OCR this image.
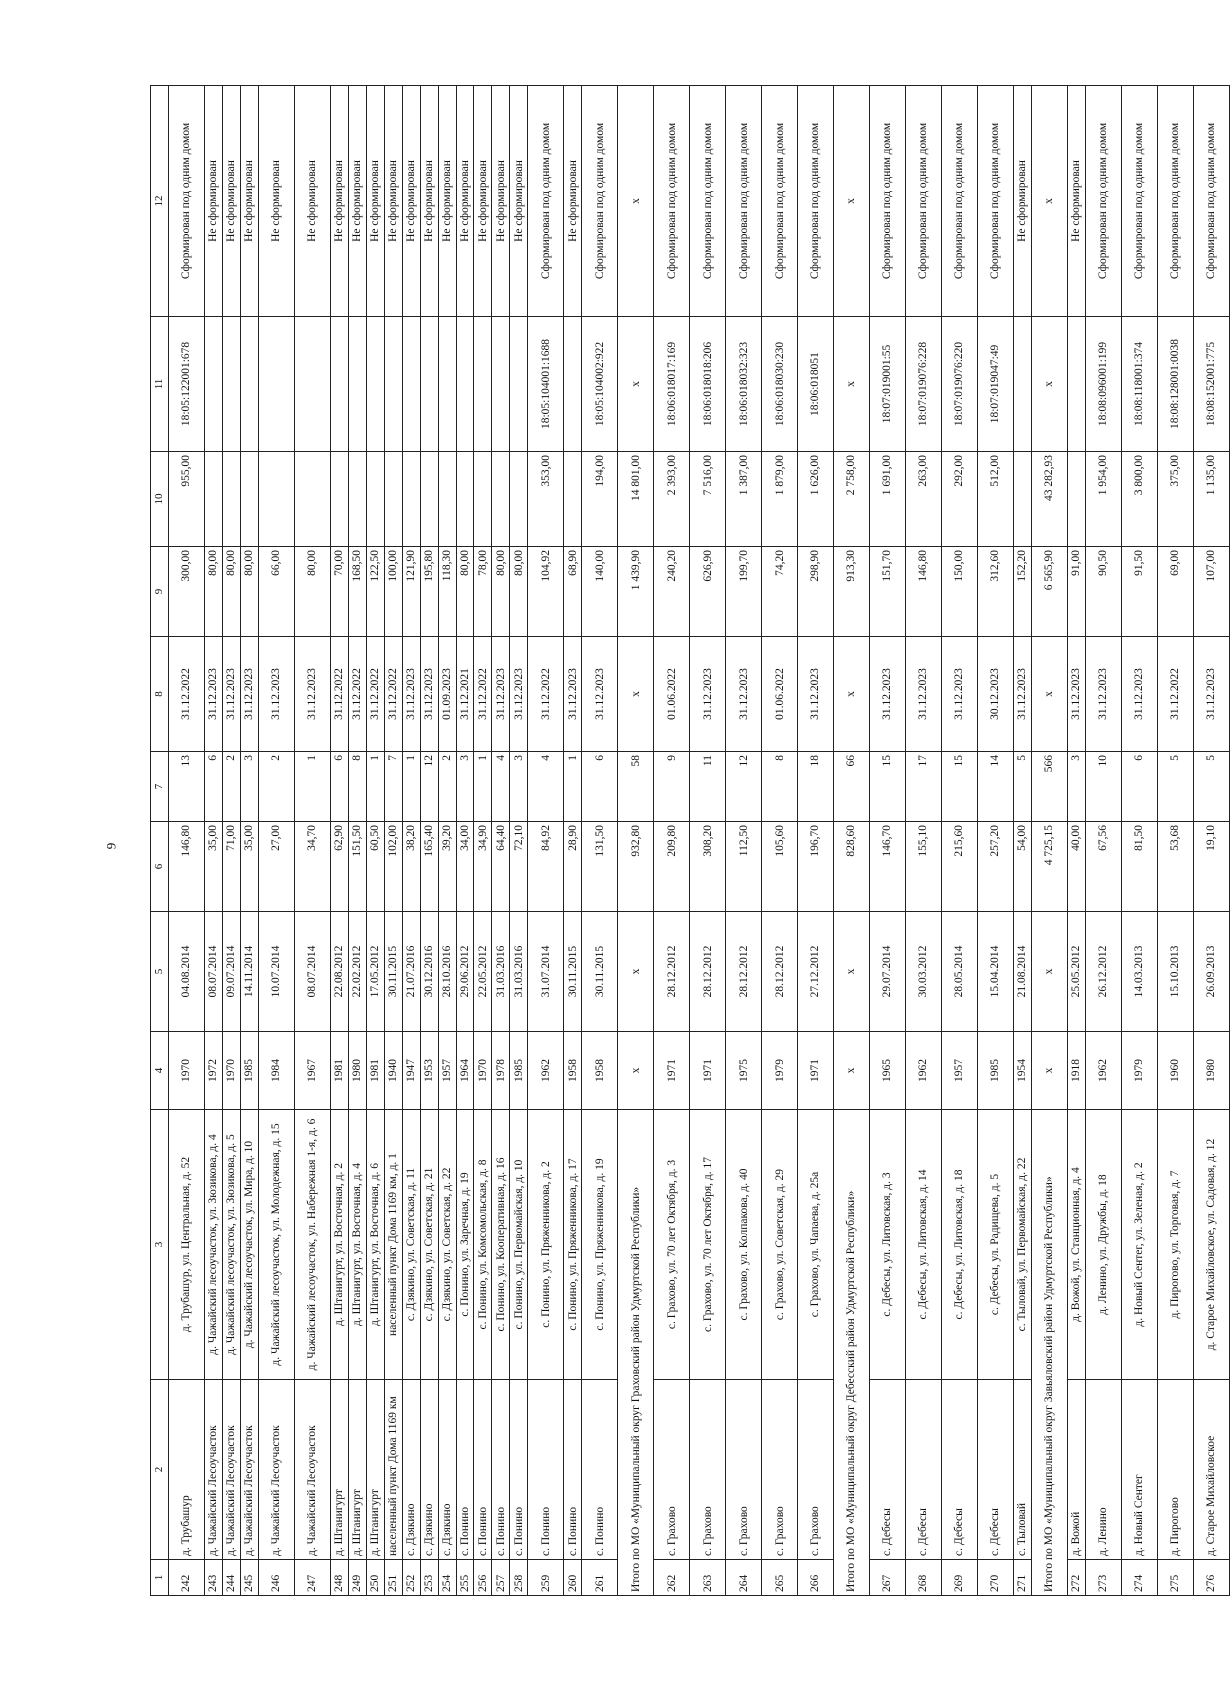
9
1	2	3	4	5	6	7	8	9	10	11	12
242	д. Трубашур	д. Трубашур, ул. Центральная, д. 52	1970	04.08.2014	146,80	13	31.12.2022	300,00	955,00	18:05:122001:678	Сформирован под одним домом
243	д. Чажайский Лесоучасток	д. Чажайский лесоучасток, ул. Зюзикова, д. 4	1972	08.07.2014	35,00	6	31.12.2023	80,00			Не сформирован
244	д. Чажайский Лесоучасток	д. Чажайский лесоучасток, ул. Зюзикова, д. 5	1970	09.07.2014	71,00	2	31.12.2023	80,00			Не сформирован
245	д. Чажайский Лесоучасток	д. Чажайский лесоучасток, ул. Мира, д. 10	1985	14.11.2014	35,00	3	31.12.2023	80,00			Не сформирован
246	д. Чажайский Лесоучасток	д. Чажайский лесоучасток, ул. Молодежная, д. 15	1984	10.07.2014	27,00	2	31.12.2023	66,00			Не сформирован
247	д. Чажайский Лесоучасток	д. Чажайский лесоучасток, ул. Набережная 1-я, д. 6	1967	08.07.2014	34,70	1	31.12.2023	80,00			Не сформирован
248	д. Штанигурт	д. Штанигурт, ул. Восточная, д. 2	1981	22.08.2012	62,90	6	31.12.2022	70,00			Не сформирован
249	д. Штанигурт	д. Штанигурт, ул. Восточная, д. 4	1980	22.02.2012	151,50	8	31.12.2022	168,50			Не сформирован
250	д. Штанигурт	д. Штанигурт, ул. Восточная, д. 6	1981	17.05.2012	60,50	1	31.12.2022	122,50			Не сформирован
251	населенный пункт Дома 1169 км	населенный пункт Дома 1169 км, д. 1	1940	30.11.2015	102,00	7	31.12.2022	100,00			Не сформирован
252	с. Дзякино	с. Дзякино, ул. Советская, д. 11	1947	21.07.2016	38,20	1	31.12.2023	121,90			Не сформирован
253	с. Дзякино	с. Дзякино, ул. Советская, д. 21	1953	30.12.2016	165,40	12	31.12.2023	195,80			Не сформирован
254	с. Дзякино	с. Дзякино, ул. Советская, д. 22	1957	28.10.2016	39,20	2	01.09.2023	118,30			Не сформирован
255	с. Понино	с. Понино, ул. Заречная, д. 19	1964	29.06.2012	34,00	3	31.12.2021	80,00			Не сформирован
256	с. Понино	с. Понино, ул. Комсомольская, д. 8	1970	22.05.2012	34,90	1	31.12.2022	78,00			Не сформирован
257	с. Понино	с. Понино, ул. Кооперативная, д. 16	1978	31.03.2016	64,40	4	31.12.2023	80,00			Не сформирован
258	с. Понино	с. Понино, ул. Первомайская, д. 10	1985	31.03.2016	72,10	3	31.12.2023	80,00			Не сформирован
259	с. Понино	с. Понино, ул. Пряженникова, д. 2	1962	31.07.2014	84,92	4	31.12.2022	104,92	353,00	18:05:104001:1688	Сформирован под одним домом
260	с. Понино	с. Понино, ул. Пряженникова, д. 17	1958	30.11.2015	28,90	1	31.12.2023	68,90			Не сформирован
261	с. Понино	с. Понино, ул. Пряженникова, д. 19	1958	30.11.2015	131,50	6	31.12.2023	140,00	194,00	18:05:104002:922	Сформирован под одним домом
Итого по МО «Муниципальный округ Граховский район Удмуртской Республики»			x	x	932,80	58	x	1 439,90	14 801,00	x	x
262	с. Грахово	с. Грахово, ул. 70 лет Октября, д. 3	1971	28.12.2012	209,80	9	01.06.2022	240,20	2 393,00	18:06:018017:169	Сформирован под одним домом
263	с. Грахово	с. Грахово, ул. 70 лет Октября, д. 17	1971	28.12.2012	308,20	11	31.12.2023	626,90	7 516,00	18:06:018018:206	Сформирован под одним домом
264	с. Грахово	с. Грахово, ул. Колпакова, д. 40	1975	28.12.2012	112,50	12	31.12.2023	199,70	1 387,00	18:06:018032:323	Сформирован под одним домом
265	с. Грахово	с. Грахово, ул. Советская, д. 29	1979	28.12.2012	105,60	8	01.06.2022	74,20	1 879,00	18:06:018030:230	Сформирован под одним домом
266	с. Грахово	с. Грахово, ул. Чапаева, д. 25а	1971	27.12.2012	196,70	18	31.12.2023	298,90	1 626,00	18:06:018051	Сформирован под одним домом
Итого по МО «Муниципальный округ Дебесский район Удмуртской Республики»			x	x	828,60	66	x	913,30	2 758,00	x	x
267	с. Дебесы	с. Дебесы, ул. Литовская, д. 3	1965	29.07.2014	146,70	15	31.12.2023	151,70	1 691,00	18:07:019001:55	Сформирован под одним домом
268	с. Дебесы	с. Дебесы, ул. Литовская, д. 14	1962	30.03.2012	155,10	17	31.12.2023	146,80	263,00	18:07:019076:228	Сформирован под одним домом
269	с. Дебесы	с. Дебесы, ул. Литовская, д. 18	1957	28.05.2014	215,60	15	31.12.2023	150,00	292,00	18:07:019076:220	Сформирован под одним домом
270	с. Дебесы	с. Дебесы, ул. Радищева, д. 5	1985	15.04.2014	257,20	14	30.12.2023	312,60	512,00	18:07:019047:49	Сформирован под одним домом
271	с. Тыловай	с. Тыловай, ул. Первомайская, д. 22	1954	21.08.2014	54,00	5	31.12.2023	152,20			Не сформирован
Итого по МО «Муниципальный округ Завьяловский район Удмуртской Республики»			x	x	4 725,15	566	x	6 565,90	43 282,93	x	x
272	д. Вожой	д. Вожой, ул. Станционная, д. 4	1918	25.05.2012	40,00	3	31.12.2023	91,00			Не сформирован
273	д. Ленино	д. Ленино, ул. Дружбы, д. 18	1962	26.12.2012	67,56	10	31.12.2023	90,50	1 954,00	18:08:096001:199	Сформирован под одним домом
274	д. Новый Сентег	д. Новый Сентег, ул. Зеленая, д. 2	1979	14.03.2013	81,50	6	31.12.2023	91,50	3 800,00	18:08:118001:374	Сформирован под одним домом
275	д. Пирогово	д. Пирогово, ул. Торговая, д. 7	1960	15.10.2013	53,68	5	31.12.2022	69,00	375,00	18:08:128001:0038	Сформирован под одним домом
276	д. Старое Михайловское	д. Старое Михайловское, ул. Садовая, д. 12	1980	26.09.2013	19,10	5	31.12.2023	107,00	1 135,00	18:08:152001:775	Сформирован под одним домом
